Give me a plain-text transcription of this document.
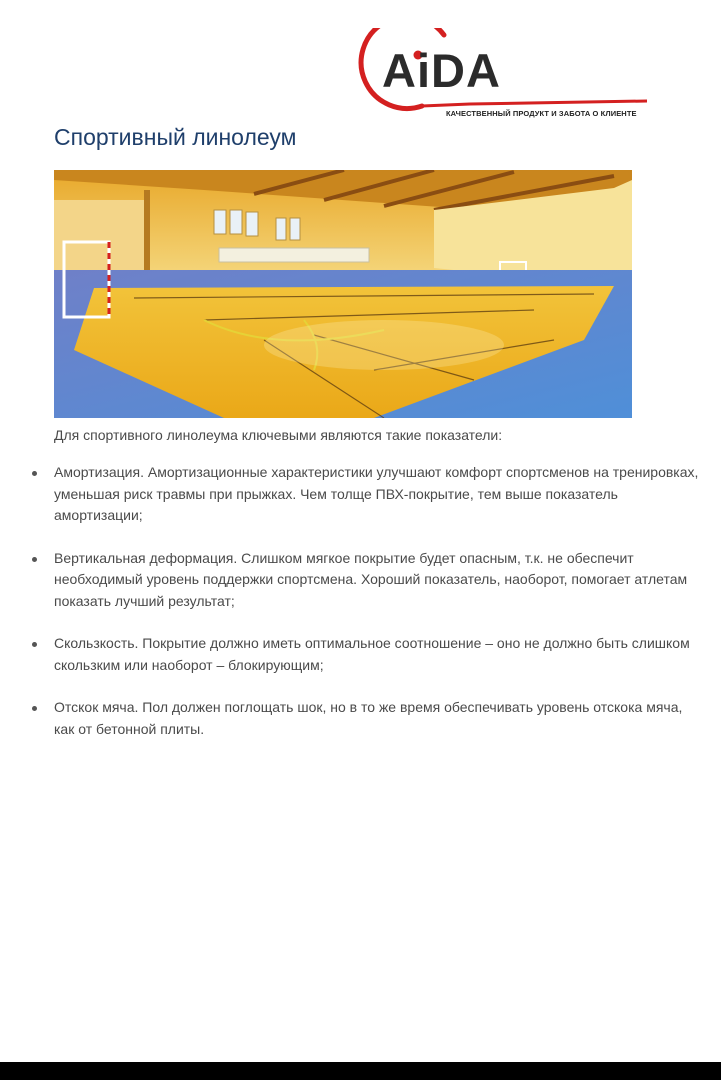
AiDA
КАЧЕСТВЕННЫЙ ПРОДУКТ И ЗАБОТА О КЛИЕНТЕ
Спортивный линолеум

Для спортивного линолеума ключевыми являются такие показатели:

Амортизация. Амортизационные характеристики улучшают комфорт спортсменов на тренировках, уменьшая риск травмы при прыжках. Чем толще ПВХ-покрытие, тем выше показатель амортизации;
Вертикальная деформация. Слишком мягкое покрытие будет опасным, т.к. не обеспечит необходимый уровень поддержки спортсмена. Хороший показатель, наоборот, помогает атлетам показать лучший результат;
Скользкость. Покрытие должно иметь оптимальное соотношение – оно не должно быть слишком скользким или наоборот – блокирующим;
Отскок мяча. Пол должен поглощать шок, но в то же время обеспечивать уровень отскока мяча, как от бетонной плиты.
